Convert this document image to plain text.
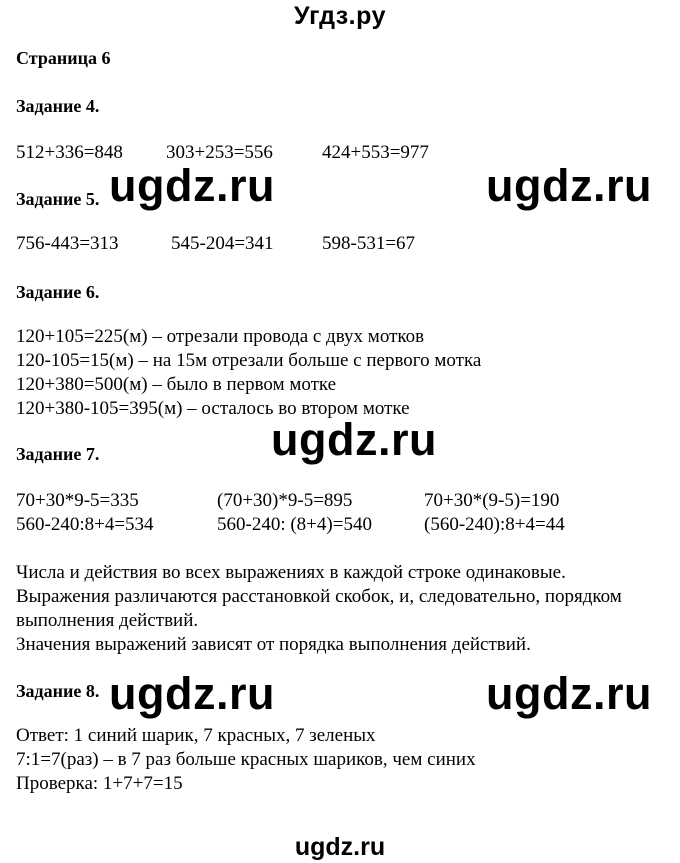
Угдз.ру
Страница 6
Задание 4.
512+336=848 303+253=556	424+553=977
Задание 5.
756-443=313	545-204=341	598-531=67
Задание 6.
120+105=225(м) – отрезали провода с двух мотков
120-105=15(м) – на 15м отрезали больше с первого мотка
120+380=500(м) – было в первом мотке
120+380-105=395(м) – осталось во втором мотке
Задание 7.
70+30*9-5=335	(70+30)*9-5=895	70+30*(9-5)=190
560-240:8+4=534	560-240: (8+4)=540	(560-240):8+4=44
Числа и действия во всех выражениях в каждой строке одинаковые.
Выражения различаются расстановкой скобок, и, следовательно, порядком
выполнения действий.
Значения выражений зависят от порядка выполнения действий.
Задание 8.
Ответ: 1 синий шарик, 7 красных, 7 зеленых
7:1=7(раз) – в 7 раз больше красных шариков, чем синих
Проверка: 1+7+7=15
ugdz.ru	ugdz.ru
ugdz.ru
ugdz.ru	ugdz.ru
ugdz.ru
